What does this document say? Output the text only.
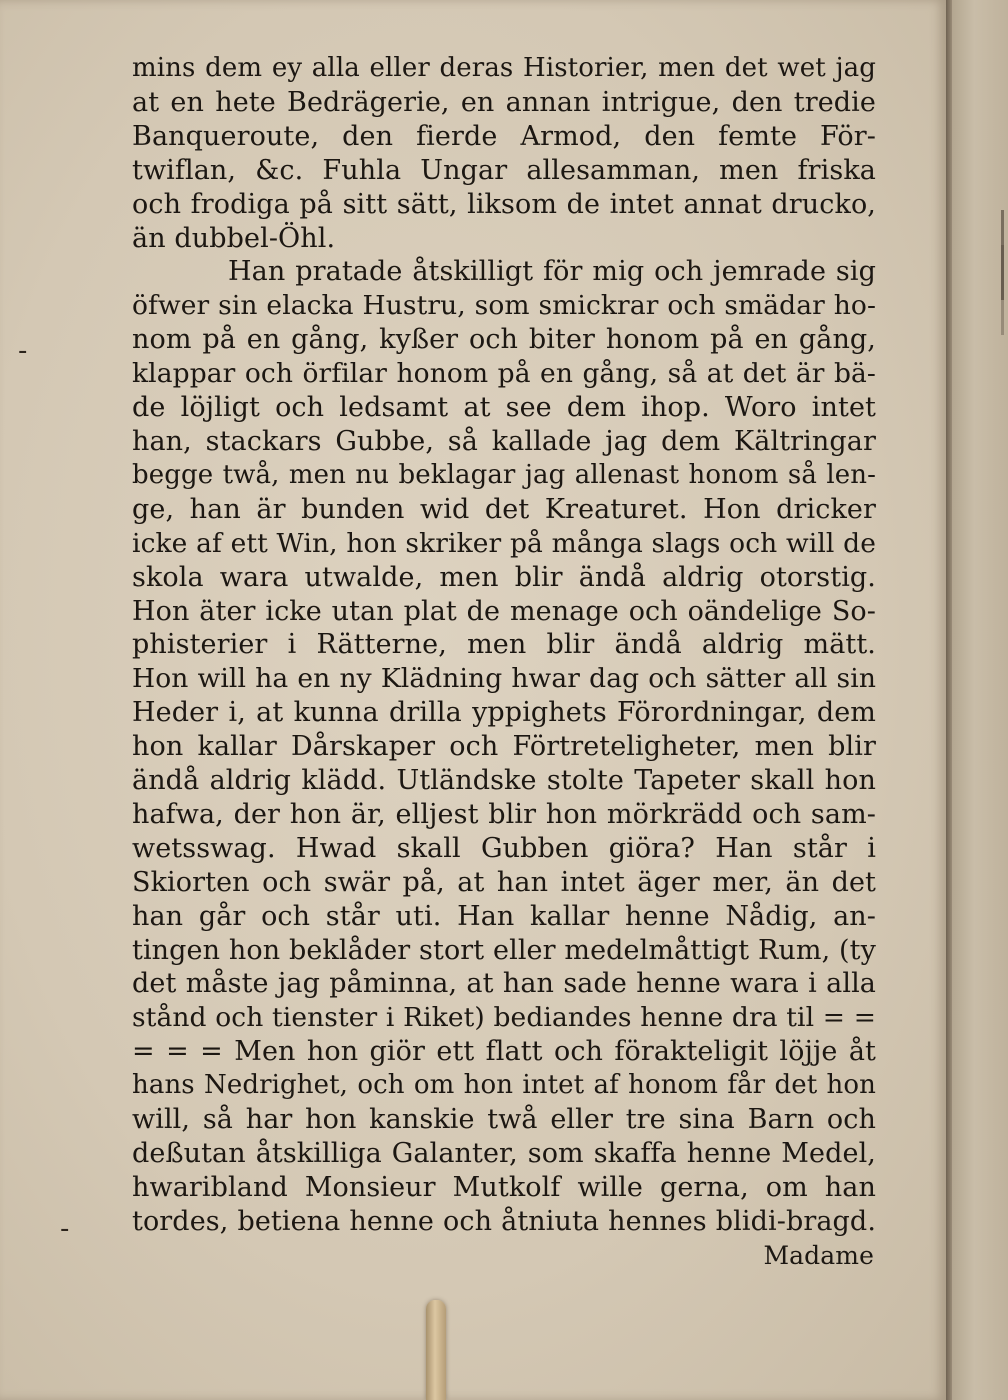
mins dem ey alla eller deras Historier, men det wet jag
at en hete Bedrägerie, en annan intrigue, den tredie
Banqueroute, den fierde Armod, den femte För-
twiflan, &c. Fuhla Ungar allesamman, men friska
och frodiga på sitt sätt, liksom de intet annat drucko,
än dubbel-Öhl.
Han pratade åtskilligt för mig och jemrade sig
öfwer sin elacka Hustru, som smickrar och smädar ho-
nom på en gång, kyßer och biter honom på en gång,
klappar och örfilar honom på en gång, så at det är bä-
de löjligt och ledsamt at see dem ihop. Woro intet
han, stackars Gubbe, så kallade jag dem Kältringar
begge twå, men nu beklagar jag allenast honom så len-
ge, han är bunden wid det Kreaturet. Hon dricker
icke af ett Win, hon skriker på många slags och will de
skola wara utwalde, men blir ändå aldrig otorstig.
Hon äter icke utan plat de menage och oändelige So-
phisterier i Rätterne, men blir ändå aldrig mätt.
Hon will ha en ny Klädning hwar dag och sätter all sin
Heder i, at kunna drilla yppighets Förordningar, dem
hon kallar Dårskaper och Förtreteligheter, men blir
ändå aldrig klädd. Utländske stolte Tapeter skall hon
hafwa, der hon är, elljest blir hon mörkrädd och sam-
wetsswag. Hwad skall Gubben giöra? Han står i
Skiorten och swär på, at han intet äger mer, än det
han går och står uti. Han kallar henne Nådig, an-
tingen hon beklåder stort eller medelmåttigt Rum, (ty
det måste jag påminna, at han sade henne wara i alla
stånd och tienster i Riket) bediandes henne dra til = =
= = = Men hon giör ett flatt och förakteligit löjje åt
hans Nedrighet, och om hon intet af honom får det hon
will, så har hon kanskie twå eller tre sina Barn och
deßutan åtskilliga Galanter, som skaffa henne Medel,
hwaribland Monsieur Mutkolf wille gerna, om han
tordes, betiena henne och åtniuta hennes blidi-bragd.
Madame
-
-
